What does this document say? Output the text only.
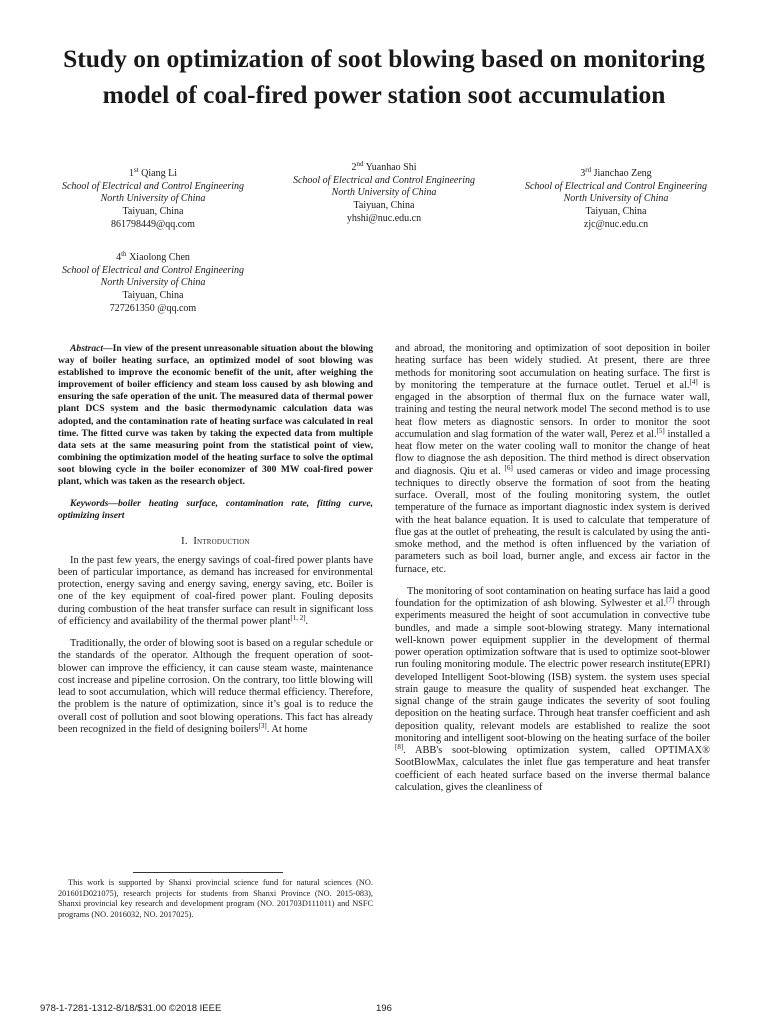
Study on optimization of soot blowing based on monitoring model of coal-fired power station soot accumulation
1st Qiang Li
School of Electrical and Control Engineering
North University of China
Taiyuan, China
861798449@qq.com
2nd Yuanhao Shi
School of Electrical and Control Engineering
North University of China
Taiyuan, China
yhshi@nuc.edu.cn
3rd Jianchao Zeng
School of Electrical and Control Engineering
North University of China
Taiyuan, China
zjc@nuc.edu.cn
4th Xiaolong Chen
School of Electrical and Control Engineering
North University of China
Taiyuan, China
727261350 @qq.com

Abstract—In view of the present unreasonable situation about the blowing way of boiler heating surface, an optimized model of soot blowing was established to improve the economic benefit of the unit, after weighing the improvement of boiler efficiency and steam loss caused by ash blowing and ensuring the safe operation of the unit. The measured data of thermal power plant DCS system and the basic thermodynamic calculation data was adopted, and the contamination rate of heating surface was calculated in real time. The fitted curve was taken by taking the expected data from multiple data sets at the same measuring point from the statistical point of view, combining the optimization model of the heating surface to solve the optimal soot blowing cycle in the boiler economizer of 300 MW coal-fired power plant, which was taken as the research object.

Keywords—boiler heating surface, contamination rate, fitting curve, optimizing insert

I. Introduction

In the past few years, the energy savings of coal-fired power plants have been of particular importance, as demand has increased for environmental protection, energy saving and energy saving, energy saving, etc. Boiler is one of the key equipment of coal-fired power plant. Fouling deposits during combustion of the heat transfer surface can result in significant loss of efficiency and availability of the thermal power plant[1, 2].

Traditionally, the order of blowing soot is based on a regular schedule or the standards of the operator. Although the frequent operation of soot-blower can improve the efficiency, it can cause steam waste, maintenance cost increase and pipeline corrosion. On the contrary, too little blowing will lead to soot accumulation, which will reduce thermal efficiency. Therefore, the problem is the nature of optimization, since it’s goal is to reduce the overall cost of pollution and soot blowing operations. This fact has already been recognized in the field of designing boilers[3]. At home

This work is supported by Shanxi provincial science fund for natural sciences (NO. 201601D021075), research projects for students from Shanxi Province (NO. 2015-083), Shanxi provincial key research and development program (NO. 201703D111011) and NSFC programs (NO. 2016032, NO. 2017025).

and abroad, the monitoring and optimization of soot deposition in boiler heating surface has been widely studied. At present, there are three methods for monitoring soot accumulation on heating surface. The first is by monitoring the temperature at the furnace outlet. Teruel et al.[4] is engaged in the absorption of thermal flux on the furnace water wall, training and testing the neural network model The second method is to use heat flow meters as diagnostic sensors. In order to monitor the soot accumulation and slag formation of the water wall, Perez et al.[5] installed a heat flow meter on the water cooling wall to monitor the change of heat flow to diagnose the ash deposition. The third method is direct observation and diagnosis. Qiu et al. [6] used cameras or video and image processing techniques to directly observe the formation of soot from the heating surface. Overall, most of the fouling monitoring system, the outlet temperature of the furnace as important diagnostic index system is derived with the heat balance equation. It is used to calculate that temperature of flue gas at the outlet of preheating, the result is calculated by using the anti-smoke method, and the method is often influenced by the variation of parameters such as boil load, burner angle, and excess air factor in the furnace, etc.

The monitoring of soot contamination on heating surface has laid a good foundation for the optimization of ash blowing. Sylwester et al.[7] through experiments measured the height of soot accumulation in convective tube bundles, and made a simple soot-blowing strategy. Many international well-known power equipment supplier in the development of thermal power operation optimization software that is used to optimize soot-blower run fouling monitoring module. The electric power research institute(EPRI) developed Intelligent Soot-blowing (ISB) system. the system uses special strain gauge to measure the quality of suspended heat exchanger. The signal change of the strain gauge indicates the severity of soot fouling deposition on the heating surface. Through heat transfer coefficient and ash deposition quality, relevant models are established to realize the soot monitoring and intelligent soot-blowing on the heating surface of the boiler [8]. ABB's soot-blowing optimization system, called OPTIMAX® SootBlowMax, calculates the inlet flue gas temperature and heat transfer coefficient of each heated surface based on the inverse thermal balance calculation, gives the cleanliness of

978-1-7281-1312-8/18/$31.00 ©2018 IEEE	196
